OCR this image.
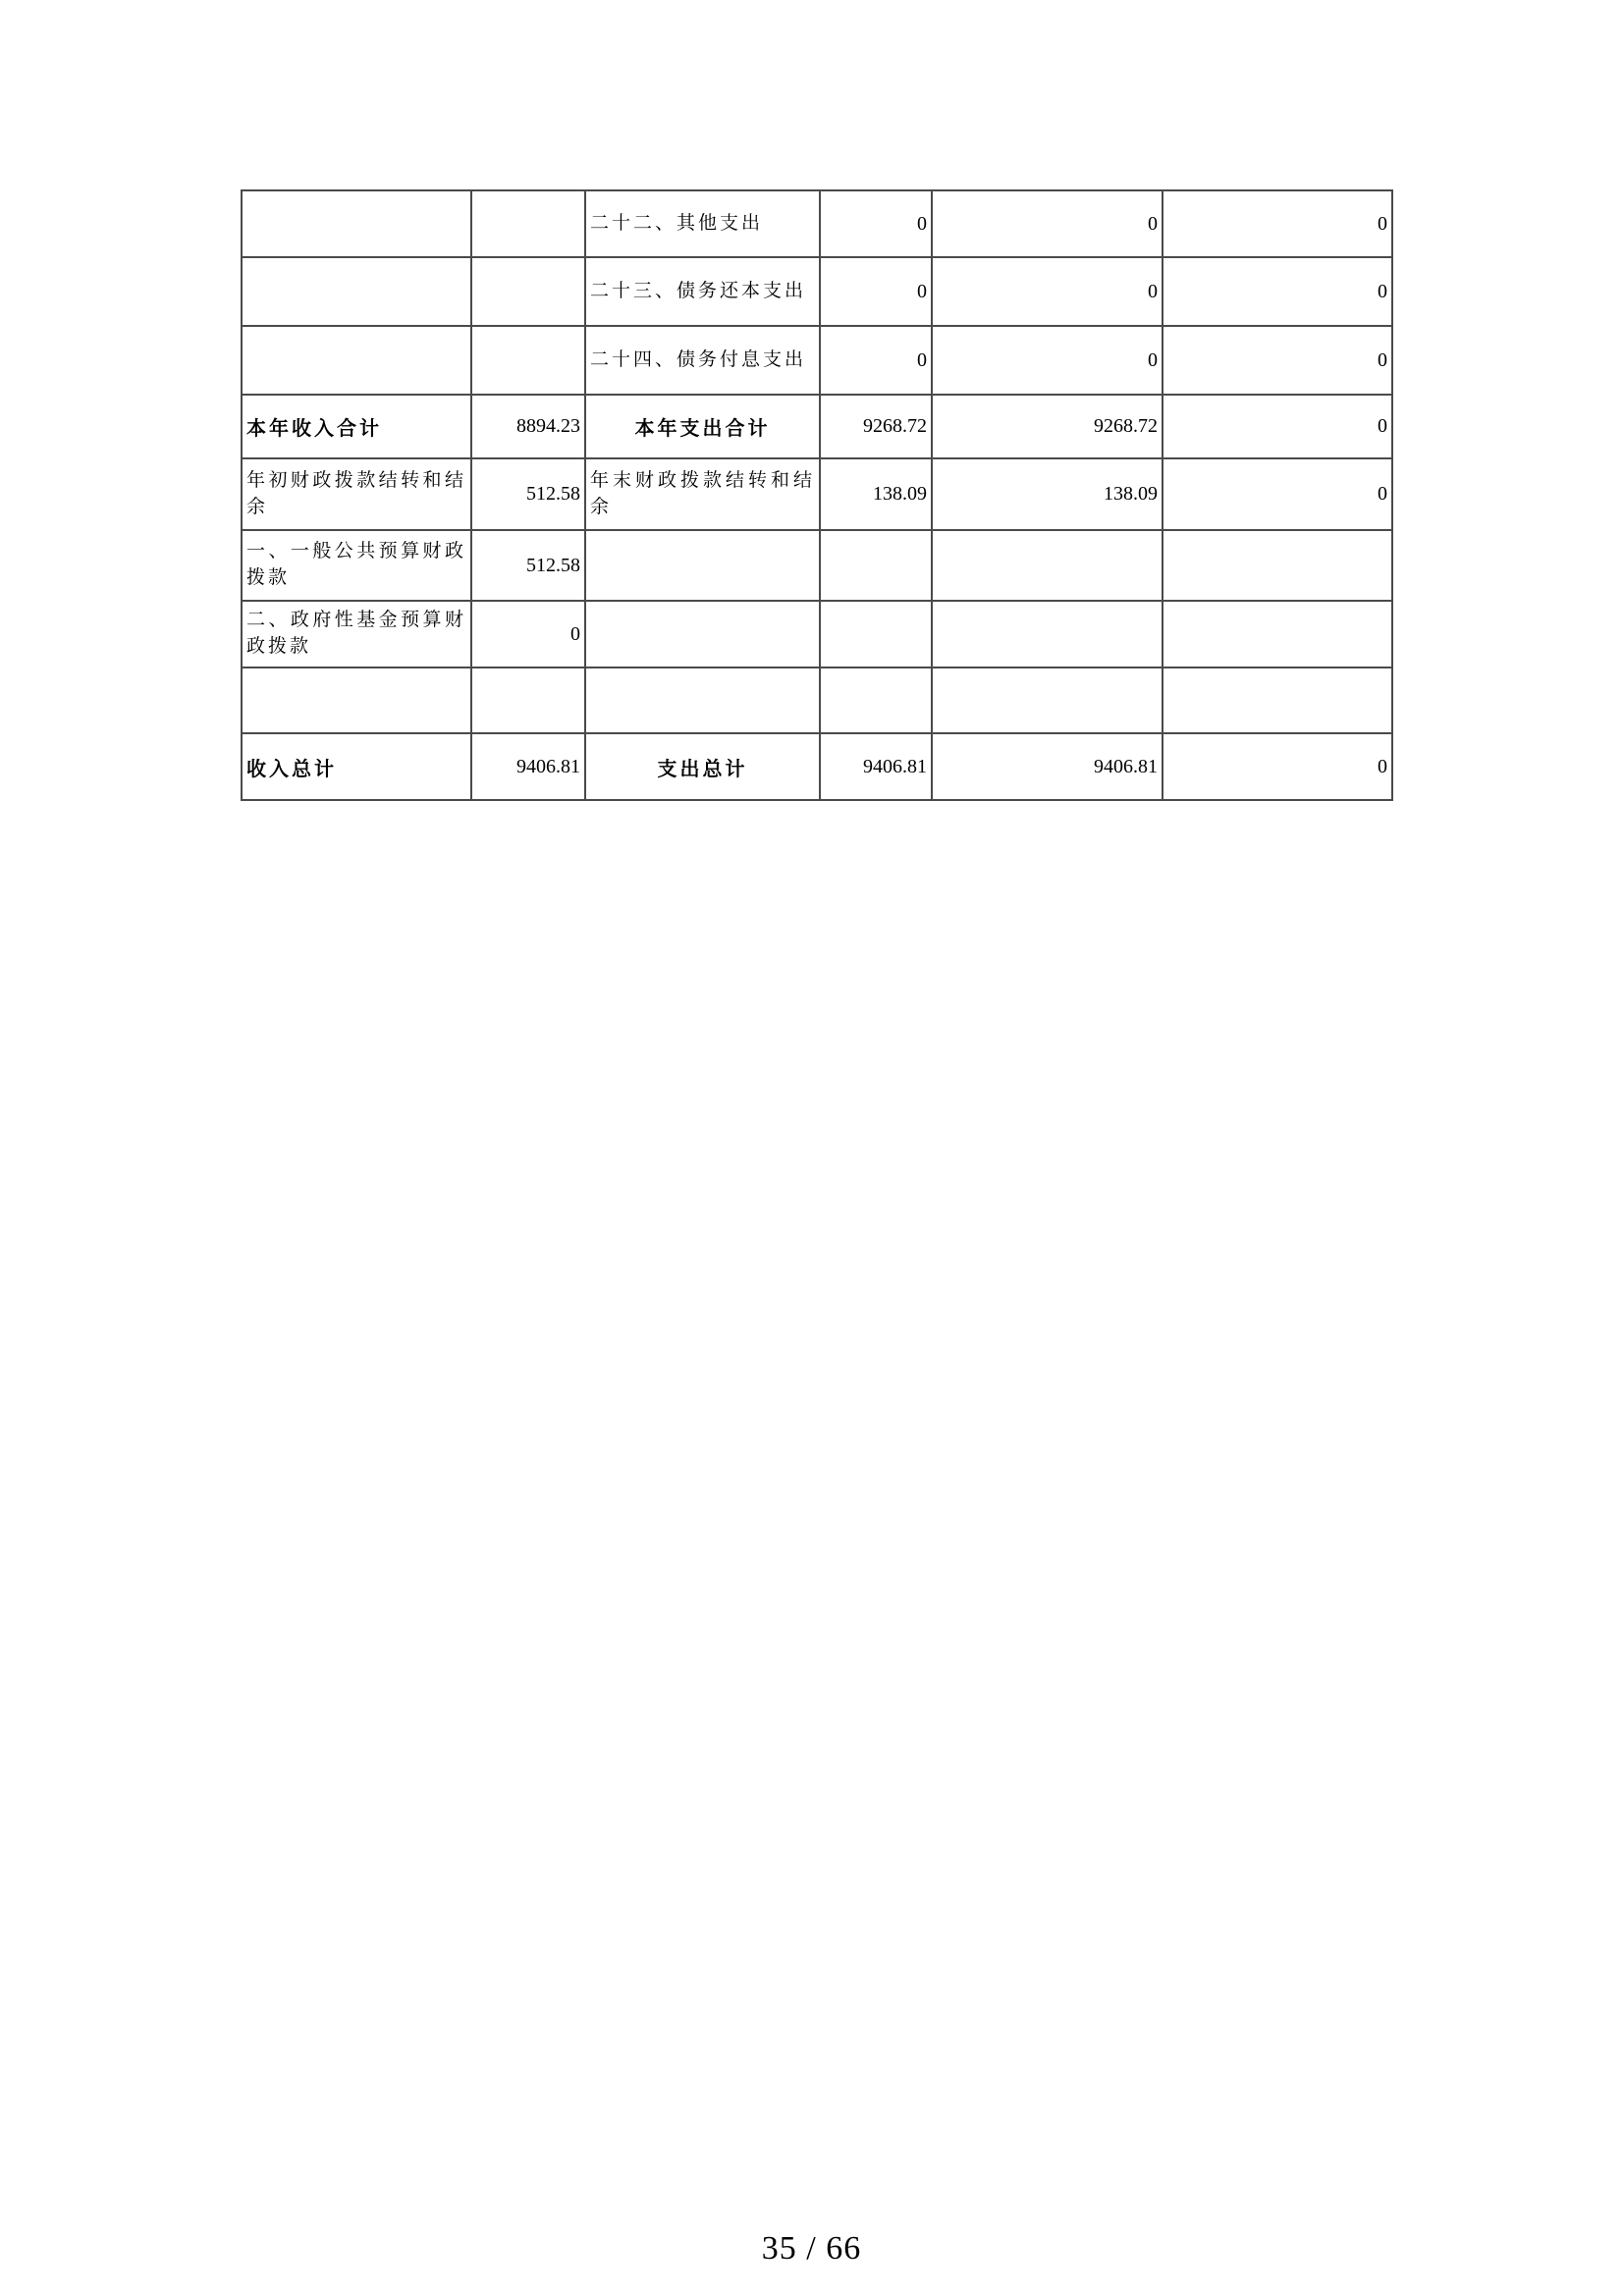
		二十二、其他支出	0	0	0
		二十三、债务还本支出	0	0	0
		二十四、债务付息支出	0	0	0
本年收入合计	8894.23	本年支出合计	9268.72	9268.72	0
年初财政拨款结转和结余	512.58	年末财政拨款结转和结余	138.09	138.09	0
一、一般公共预算财政拨款	512.58				
二、政府性基金预算财政拨款	0				

收入总计	9406.81	支出总计	9406.81	9406.81	0
35 / 66
